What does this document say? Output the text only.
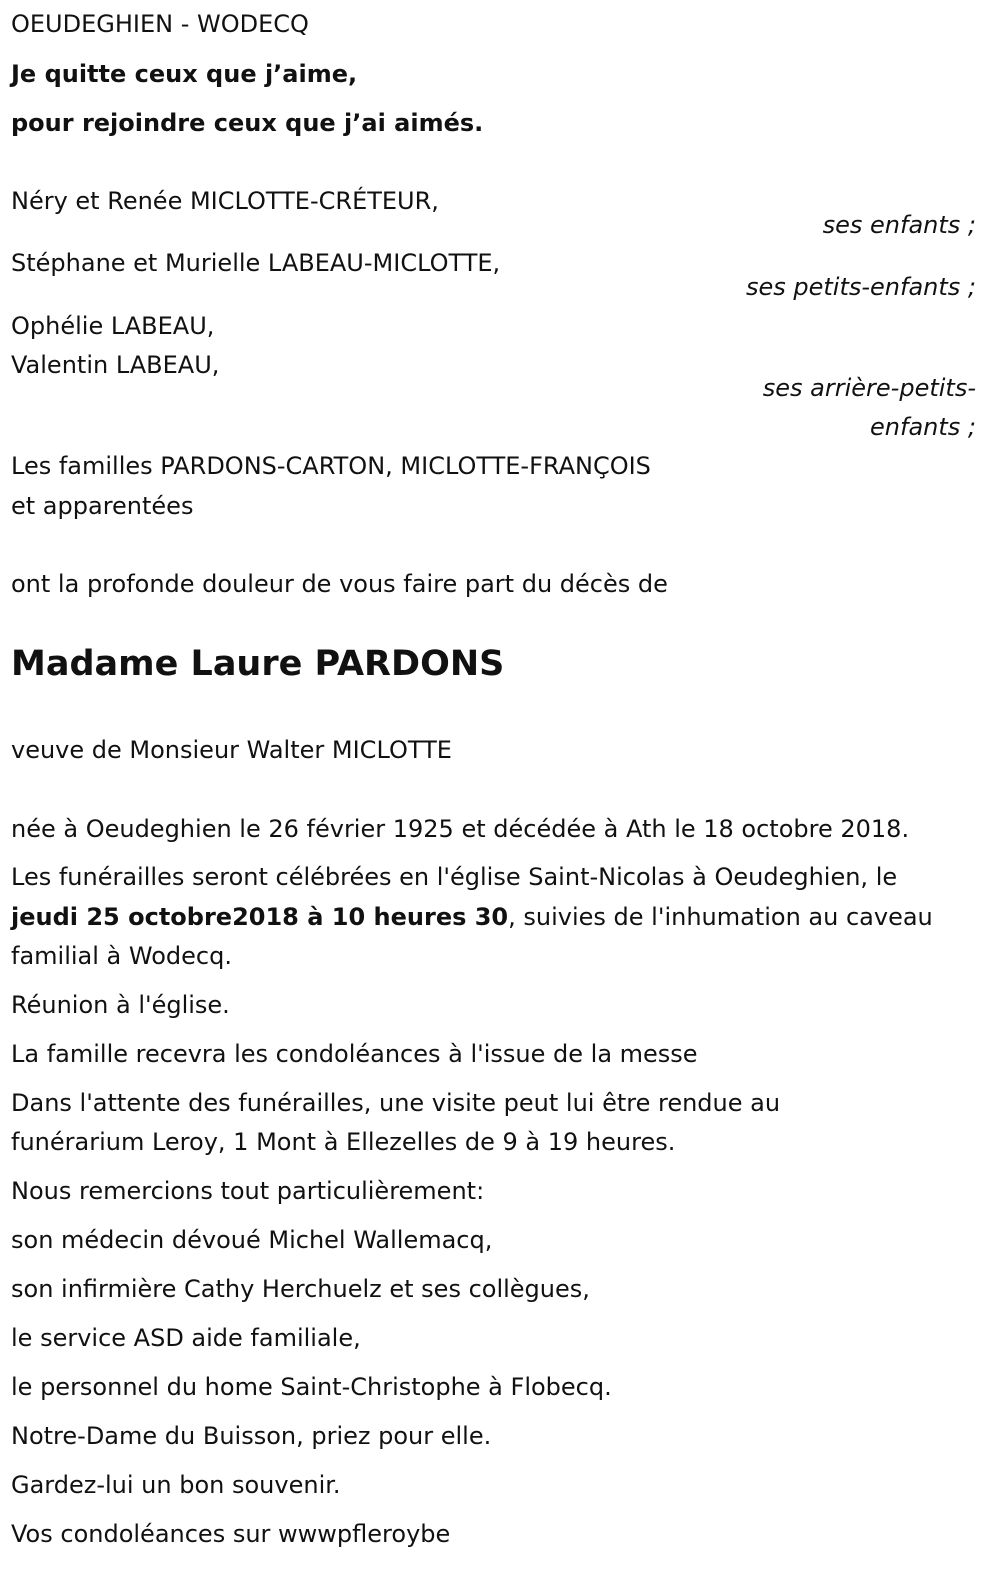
OEUDEGHIEN - WODECQ
Je quitte ceux que j’aime,
pour rejoindre ceux que j’ai aimés.
Néry et Renée MICLOTTE-CRÉTEUR,
ses enfants ;
Stéphane et Murielle LABEAU-MICLOTTE,
ses petits-enfants ;
Ophélie LABEAU,
Valentin LABEAU,
ses arrière-petits-
enfants ;
Les familles PARDONS-CARTON, MICLOTTE-FRANÇOIS
et apparentées
ont la profonde douleur de vous faire part du décès de
Madame Laure PARDONS
veuve de Monsieur Walter MICLOTTE
née à Oeudeghien le 26 février 1925 et décédée à Ath le 18 octobre 2018.
Les funérailles seront célébrées en l'église Saint-Nicolas à Oeudeghien, le
jeudi 25 octobre2018 à 10 heures 30, suivies de l'inhumation au caveau
familial à Wodecq.
Réunion à l'église.
La famille recevra les condoléances à l'issue de la messe
Dans l'attente des funérailles, une visite peut lui être rendue au
funérarium Leroy, 1 Mont à Ellezelles de 9 à 19 heures.
Nous remercions tout particulièrement:
son médecin dévoué Michel Wallemacq,
son infirmière Cathy Herchuelz et ses collègues,
le service ASD aide familiale,
le personnel du home Saint-Christophe à Flobecq.
Notre-Dame du Buisson, priez pour elle.
Gardez-lui un bon souvenir.
Vos condoléances sur wwwpfleroybe
